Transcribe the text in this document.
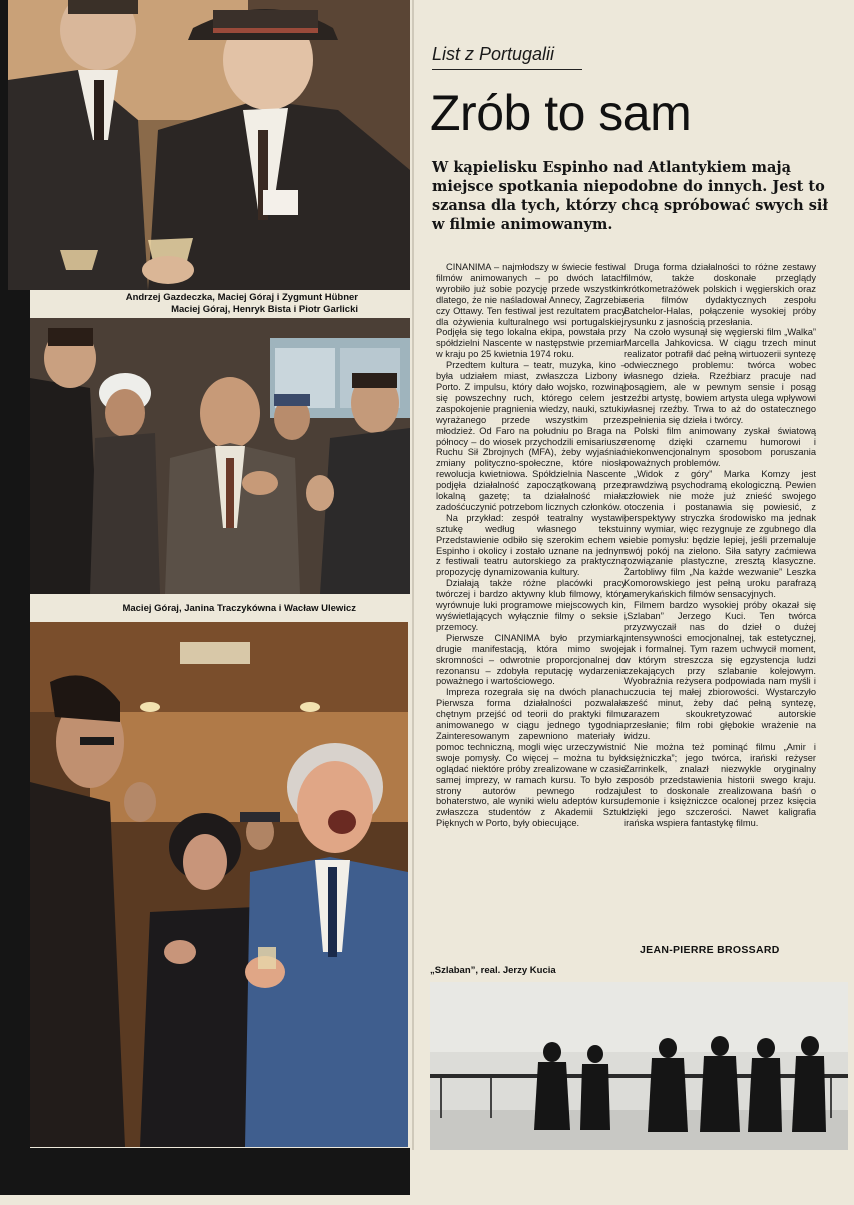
Andrzej Gazdeczka, Maciej Góraj i Zygmunt Hübner
Maciej Góraj, Henryk Bista i Piotr Garlicki
Maciej Góraj, Janina Traczykówna i Wacław Ulewicz
List z Portugalii
Zrób to sam
W kąpielisku Espinho nad Atlantykiem mają miejsce spotkania niepodobne do innych. Jest to szansa dla tych, którzy chcą spróbować swych sił w filmie animowanym.

CINANIMA – najmłodszy w świecie festiwal filmów animowanych – po dwóch latach wyrobiło już sobie pozycję przede wszystkim dlatego, że nie naśladował Annecy, Zagrzebia czy Ottawy. Ten festiwal jest rezultatem pracy dla ożywienia kulturalnego wsi portugalskiej. Podjęła się tego lokalna ekipa, powstała przy spółdzielni Nascente w następstwie przemian w kraju po 25 kwietnia 1974 roku.

Przedtem kultura – teatr, muzyka, kino – była udziałem miast, zwłaszcza Lizbony i Porto. Z impulsu, który dało wojsko, rozwinął się powszechny ruch, którego celem jest zaspokojenie pragnienia wiedzy, nauki, sztuki, wyrażanego przede wszystkim przez młodzież. Od Faro na południu po Braga na północy – do wiosek przychodzili emisariusze Ruchu Sił Zbrojnych (MFA), żeby wyjaśniać zmiany polityczno-społeczne, które niosła rewolucja kwietniowa. Spółdzielnia Nascente podjęła działalność zapoczątkowaną przez lokalną gazetę; ta działalność miała zadośćuczynić potrzebom licznych członków.

Na przykład: zespół teatralny wystawił sztukę według własnego tekstu. Przedstawienie odbiło się szerokim echem w Espinho i okolicy i zostało uznane na jednym z festiwali teatru autorskiego za praktyczną propozycję dynamizowania kultury.

Działają także różne placówki pracy twórczej i bardzo aktywny klub filmowy, który wyrównuje luki programowe miejscowych kin, wyświetlających wyłącznie filmy o seksie i przemocy.

Pierwsze CINANIMA było przymiarką, drugie manifestacją, która mimo swojej skromności – odwrotnie proporcjonalnej do rezonansu – zdobyła reputację wydarzenia poważnego i wartościowego.

Impreza rozegrała się na dwóch planach. Pierwsza forma działalności pozwalała chętnym przejść od teorii do praktyki filmu animowanego w ciągu jednego tygodnia. Zainteresowanym zapewniono materiały i pomoc techniczną, mogli więc urzeczywistnić swoje pomysły. Co więcej – można tu było oglądać niektóre próby zrealizowane w czasie samej imprezy, w ramach kursu. To było ze strony autorów pewnego rodzaju bohaterstwo, ale wyniki wielu adeptów kursu, zwłaszcza studentów z Akademii Sztuk Pięknych w Porto, były obiecujące.

Druga forma działalności to różne zestawy filmów, także doskonałe przeglądy krótkometrażówek polskich i węgierskich oraz seria filmów dydaktycznych zespołu Batchelor-Halas, połączenie wysokiej próby rysunku z jasnością przesłania.

Na czoło wysunął się węgierski film „Walka” Marcella Jahkovicsa. W ciągu trzech minut realizator potrafił dać pełną wirtuozerii syntezę odwiecznego problemu: twórca wobec własnego dzieła. Rzeźbiarz pracuje nad posągiem, ale w pewnym sensie i posąg rzeźbi artystę, bowiem artysta ulega wpływowi własnej rzeźby. Trwa to aż do ostatecznego spełnienia się dzieła i twórcy.

Polski film animowany zyskał światową renomę dzięki czarnemu humorowi i niekonwencjonalnym sposobom poruszania poważnych problemów.

„Widok z góry” Marka Komzy jest prawdziwą psychodramą ekologiczną. Pewien człowiek nie może już znieść swojego otoczenia i postanawia się powiesić, z perspektywy stryczka środowisko ma jednak inny wymiar, więc rezygnuje ze zgubnego dla siebie pomysłu: będzie lepiej, jeśli przemaluje swój pokój na zielono. Siła satyry zaćmiewa rozwiązanie plastyczne, zresztą klasyczne. Żartobliwy film „Na każde wezwanie” Leszka Komorowskiego jest pełną uroku parafrazą amerykańskich filmów sensacyjnych.

Filmem bardzo wysokiej próby okazał się „Szlaban” Jerzego Kuci. Ten twórca przyzwyczaił nas do dzieł o dużej intensywności emocjonalnej, tak estetycznej, jak i formalnej. Tym razem uchwycił moment, w którym streszcza się egzystencja ludzi czekających przy szlabanie kolejowym. Wyobraźnia reżysera podpowiada nam myśli i uczucia tej małej zbiorowości. Wystarczyło sześć minut, żeby dać pełną syntezę, zarazem skoukretyzować autorskie przesłanie; film robi głębokie wrażenie na widzu.

Nie można też pominąć filmu „Amir i księżniczka”; jego twórca, irański reżyser Zarrinkelk, znalazł niezwykle oryginalny sposób przedstawienia historii swego kraju. Jest to doskonale zrealizowana baśń o demonie i księżniczce ocalonej przez księcia dzięki jego szczerości. Nawet kaligrafia irańska wspiera fantastykę filmu.

JEAN-PIERRE BROSSARD
„Szlaban”, real. Jerzy Kucia
